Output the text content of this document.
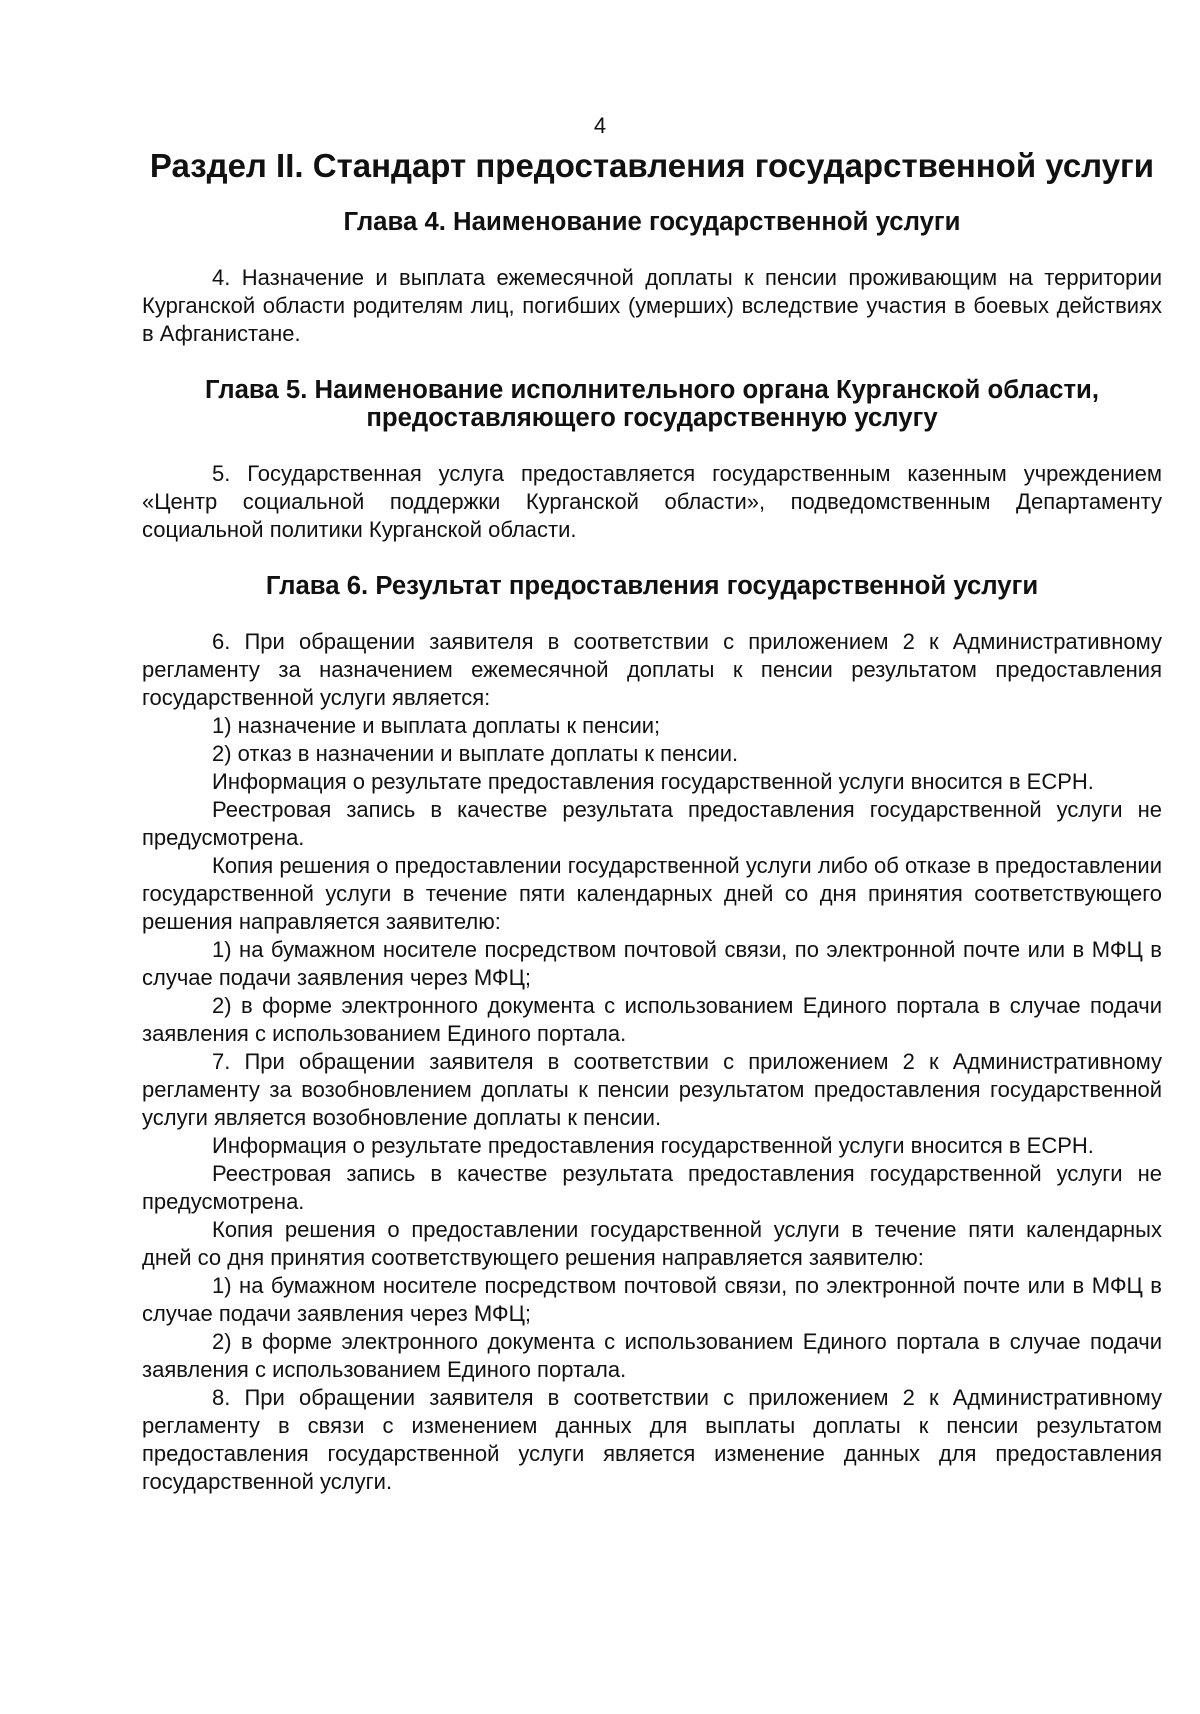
4
Раздел II. Стандарт предоставления государственной услуги
Глава 4. Наименование государственной услуги

4. Назначение и выплата ежемесячной доплаты к пенсии проживающим на территории Курганской области родителям лиц, погибших (умерших) вследствие участия в боевых действиях в Афганистане.

Глава 5. Наименование исполнительного органа Курганской области,
предоставляющего государственную услугу

5. Государственная услуга предоставляется государственным казенным учреждением «Центр социальной поддержки Курганской области», подведомственным Департаменту социальной политики Курганской области.

Глава 6. Результат предоставления государственной услуги

6. При обращении заявителя в соответствии с приложением 2 к Административному регламенту за назначением ежемесячной доплаты к пенсии результатом предоставления государственной услуги является:

1) назначение и выплата доплаты к пенсии;

2) отказ в назначении и выплате доплаты к пенсии.

Информация о результате предоставления государственной услуги вносится в ЕСРН.

Реестровая запись в качестве результата предоставления государственной услуги не предусмотрена.

Копия решения о предоставлении государственной услуги либо об отказе в предоставлении государственной услуги в течение пяти календарных дней со дня принятия соответствующего решения направляется заявителю:

1) на бумажном носителе посредством почтовой связи, по электронной почте или в МФЦ в случае подачи заявления через МФЦ;

2) в форме электронного документа с использованием Единого портала в случае подачи заявления с использованием Единого портала.

7. При обращении заявителя в соответствии с приложением 2 к Административному регламенту за возобновлением доплаты к пенсии результатом предоставления государственной услуги является возобновление доплаты к пенсии.

Информация о результате предоставления государственной услуги вносится в ЕСРН.

Реестровая запись в качестве результата предоставления государственной услуги не предусмотрена.

Копия решения о предоставлении государственной услуги в течение пяти календарных дней со дня принятия соответствующего решения направляется заявителю:

1) на бумажном носителе посредством почтовой связи, по электронной почте или в МФЦ в случае подачи заявления через МФЦ;

2) в форме электронного документа с использованием Единого портала в случае подачи заявления с использованием Единого портала.

8. При обращении заявителя в соответствии с приложением 2 к Административному регламенту в связи с изменением данных для выплаты доплаты к пенсии результатом предоставления государственной услуги является изменение данных для предоставления государственной услуги.
